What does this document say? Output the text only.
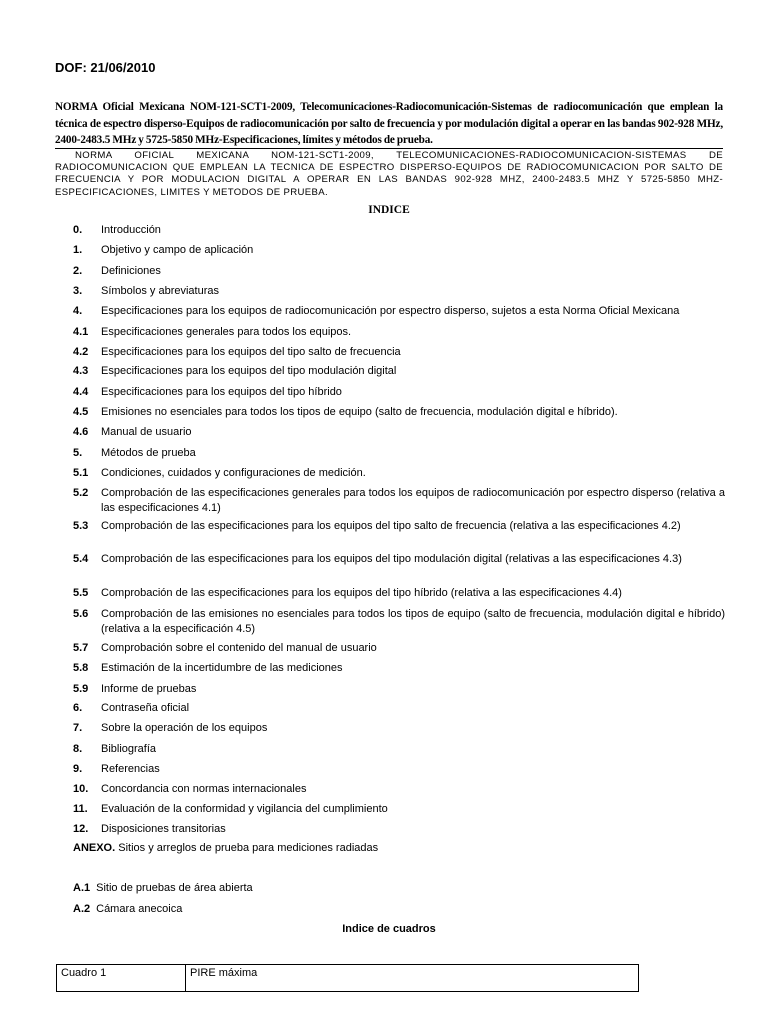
DOF: 21/06/2010
NORMA Oficial Mexicana NOM-121-SCT1-2009, Telecomunicaciones-Radiocomunicación-Sistemas de radiocomunicación que emplean la técnica de espectro disperso-Equipos de radiocomunicación por salto de frecuencia y por modulación digital a operar en las bandas 902-928 MHz, 2400-2483.5 MHz y 5725-5850 MHz-Especificaciones, límites y métodos de prueba.
NORMA OFICIAL MEXICANA NOM-121-SCT1-2009, TELECOMUNICACIONES-RADIOCOMUNICACION-SISTEMAS DE RADIOCOMUNICACION QUE EMPLEAN LA TECNICA DE ESPECTRO DISPERSO-EQUIPOS DE RADIOCOMUNICACION POR SALTO DE FRECUENCIA Y POR MODULACION DIGITAL A OPERAR EN LAS BANDAS 902-928 MHZ, 2400-2483.5 MHZ Y 5725-5850 MHZ-ESPECIFICACIONES, LIMITES Y METODOS DE PRUEBA.
INDICE
0. Introducción
1. Objetivo y campo de aplicación
2. Definiciones
3. Símbolos y abreviaturas
4. Especificaciones para los equipos de radiocomunicación por espectro disperso, sujetos a esta Norma Oficial Mexicana
4.1 Especificaciones generales para todos los equipos.
4.2 Especificaciones para los equipos del tipo salto de frecuencia
4.3 Especificaciones para los equipos del tipo modulación digital
4.4 Especificaciones para los equipos del tipo híbrido
4.5 Emisiones no esenciales para todos los tipos de equipo (salto de frecuencia, modulación digital e híbrido).
4.6 Manual de usuario
5. Métodos de prueba
5.1 Condiciones, cuidados y configuraciones de medición.
5.2 Comprobación de las especificaciones generales para todos los equipos de radiocomunicación por espectro disperso (relativa a las especificaciones 4.1)
5.3 Comprobación de las especificaciones para los equipos del tipo salto de frecuencia (relativa a las especificaciones 4.2)
5.4 Comprobación de las especificaciones para los equipos del tipo modulación digital (relativas a las especificaciones 4.3)
5.5 Comprobación de las especificaciones para los equipos del tipo híbrido (relativa a las especificaciones 4.4)
5.6 Comprobación de las emisiones no esenciales para todos los tipos de equipo (salto de frecuencia, modulación digital e híbrido) (relativa a la especificación 4.5)
5.7 Comprobación sobre el contenido del manual de usuario
5.8 Estimación de la incertidumbre de las mediciones
5.9 Informe de pruebas
6. Contraseña oficial
7. Sobre la operación de los equipos
8. Bibliografía
9. Referencias
10. Concordancia con normas internacionales
11. Evaluación de la conformidad y vigilancia del cumplimiento
12. Disposiciones transitorias
ANEXO. Sitios y arreglos de prueba para mediciones radiadas
A.1 Sitio de pruebas de área abierta
A.2 Cámara anecoica
Indice de cuadros
Cuadro 1	PIRE máxima
